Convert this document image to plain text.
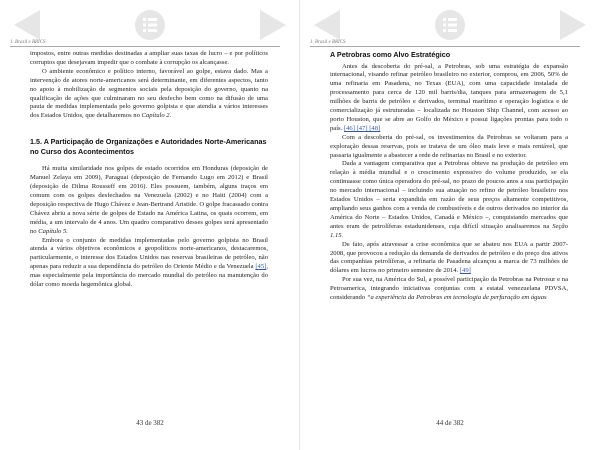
1. Brasil e BRICS

impostos, entre outras medidas destinadas a ampliar suas taxas de lucro – e por políticos corruptos que desejavam impedir que o combate à corrupção os alcançasse.

O ambiente econômico e político interno, favorável ao golpe, estava dado. Mas a intervenção de atores norte-americanos será determinante, em diferentes aspectos, tanto no apoio à mobilização de segmentos sociais pela deposição do governo, quanto na qualificação de ações que culminaram no seu desfecho bem como na difusão de uma pauta de medidas implementada pelo governo golpista e que atendia a vários interesses dos Estados Unidos, que detalharemos no Capítulo 2.

1.5. A Participação de Organizações e Autoridades Norte-Americanas no Curso dos Acontecimentos

Há muita similaridade nos golpes de estado ocorridos em Honduras (deposição de Manuel Zelaya em 2009), Paraguai (deposição de Fernando Lugo em 2012) e Brasil (deposição de Dilma Rousseff em 2016). Eles possuem, também, alguns traços em comum com os golpes desfechados na Venezuela (2002) e no Haiti (2004) com a deposição respectiva de Hugo Chávez e Jean-Bertrand Aristide. O golpe fracassado contra Chávez abriu a nova série de golpes de Estado na América Latina, os quais ocorrem, em média, a um intervalo de 4 anos. Um quadro comparativo desses golpes será apresentado no Capítulo 5.

Embora o conjunto de medidas implementadas pelo governo golpista no Brasil atenda a vários objetivos econômicos e geopolíticos norte-americanos, destacaremos, particularmente, o interesse dos Estados Unidos nas reservas brasileiras de petróleo, não apenas para reduzir a sua dependência do petróleo do Oriente Médio e da Venezuela [45], mas especialmente pela importância do mercado mundial do petróleo na manutenção do dólar como moeda hegemônica global.

43 de 382
1. Brasil e BRICS
A Petrobras como Alvo Estratégico

Antes da descoberta do pré-sal, a Petrobras, sob uma estratégia de expansão internacional, visando refinar petróleo brasileiro no exterior, comprou, em 2006, 50% de uma refinaria em Pasadena, no Texas (EUA), com uma capacidade instalada de processamento para cerca de 120 mil barris/dia, tanques para armazenagem de 5,1 milhões de barris de petróleo e derivados, terminal marítimo e operação logística e de comercialização já estruturadas – localizada no Houston Ship Channel, com acesso ao porto Houston, que se abre ao Golfo do México e possui ligações prontas para todo o país. [46] [47] [48]

Com a descoberta do pré-sal, os investimentos da Petrobras se voltaram para a exploração dessas reservas, pois se tratava de um óleo mais leve e mais rentável, que passaria igualmente a abastecer a rede de refinarias no Brasil e no exterior.

Dada a vantagem comparativa que a Petrobras obteve na produção de petróleo em relação à média mundial e o crescimento expressivo do volume produzido, se ela continuasse como única operadora do pré-sal, no prazo de poucos anos a sua participação no mercado internacional – incluindo sua atuação no refino de petróleo brasileiro nos Estados Unidos – seria expandida em razão de seus preços altamente competitivos, ampliando seus ganhos com a venda de combustíveis e de outros derivados no interior da América do Norte – Estados Unidos, Canadá e México –, conquistando mercados que antes eram de petrolíferas estadunidenses, cuja difícil situação analisaremos na Seção 1.15.

De fato, após atravessar a crise econômica que se abateu nos EUA a partir 2007-2008, que provocou a redução da demanda de derivados de petróleo e do preço dos ativos das companhias petrolíferas, a refinaria de Pasadena alcançou a marca de 73 milhões de dólares em lucros no primeiro semestre de 2014. [49]

Por sua vez, na América do Sul, a possível participação da Petrobras na Petrosur e na Petroamerica, integrando iniciativas conjuntas com a estatal venezuelana PDVSA, considerando “a experiência da Petrobras em tecnologia de perfuração em águas

44 de 382
